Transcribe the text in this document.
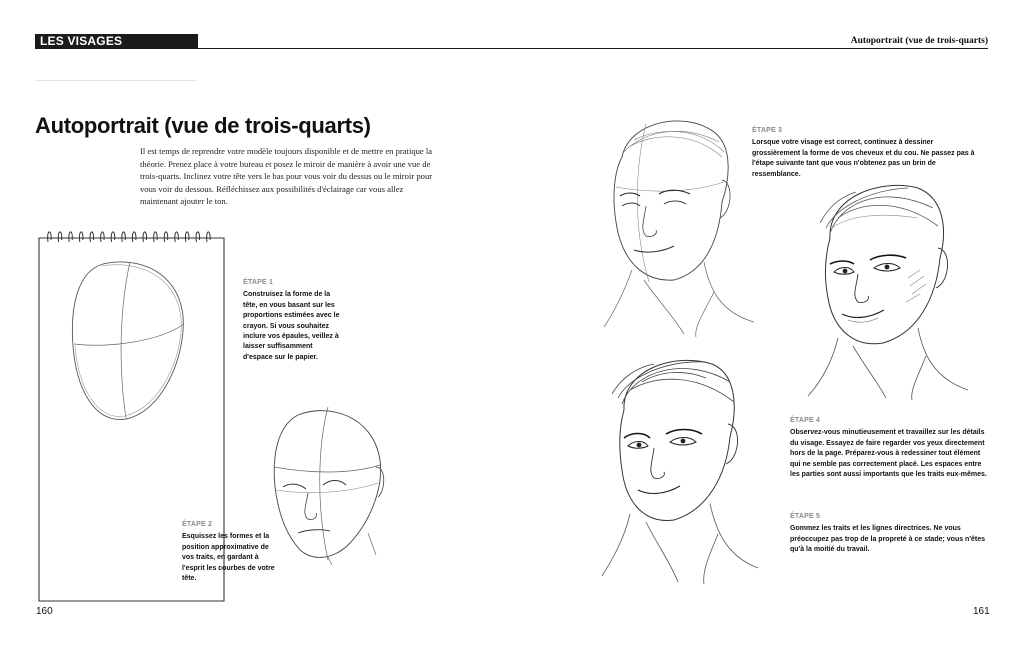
LES VISAGES	Autoportrait (vue de trois-quarts)
Autoportrait (vue de trois-quarts)

Il est temps de reprendre votre modèle toujours disponible et de mettre en pratique la théorie. Prenez place à votre bureau et posez le miroir de manière à avoir une vue de trois-quarts. Inclinez votre tête vers le bas pour vous voir du dessus ou le miroir pour vous voir du dessous. Réfléchissez aux possibilités d'éclairage car vous allez maintenant ajouter le ton.

ÉTAPE 1
Construisez la forme de la tête, en vous basant sur les proportions estimées avec le crayon. Si vous souhaitez inclure vos épaules, veillez à laisser suffisamment d'espace sur le papier.
ÉTAPE 2
Esquissez les formes et la position approximative de vos traits, en gardant à l'esprit les courbes de votre tête.
ÉTAPE 3
Lorsque votre visage est correct, continuez à dessiner grossièrement la forme de vos cheveux et du cou. Ne passez pas à l'étape suivante tant que vous n'obtenez pas un brin de ressemblance.
ÉTAPE 4
Observez-vous minutieusement et travaillez sur les détails du visage. Essayez de faire regarder vos yeux directement hors de la page. Préparez-vous à redessiner tout élément qui ne semble pas correctement placé. Les espaces entre les parties sont aussi importants que les traits eux-mêmes.
ÉTAPE 5
Gommez les traits et les lignes directrices. Ne vous préoccupez pas trop de la propreté à ce stade; vous n'êtes qu'à la moitié du travail.
160	161
